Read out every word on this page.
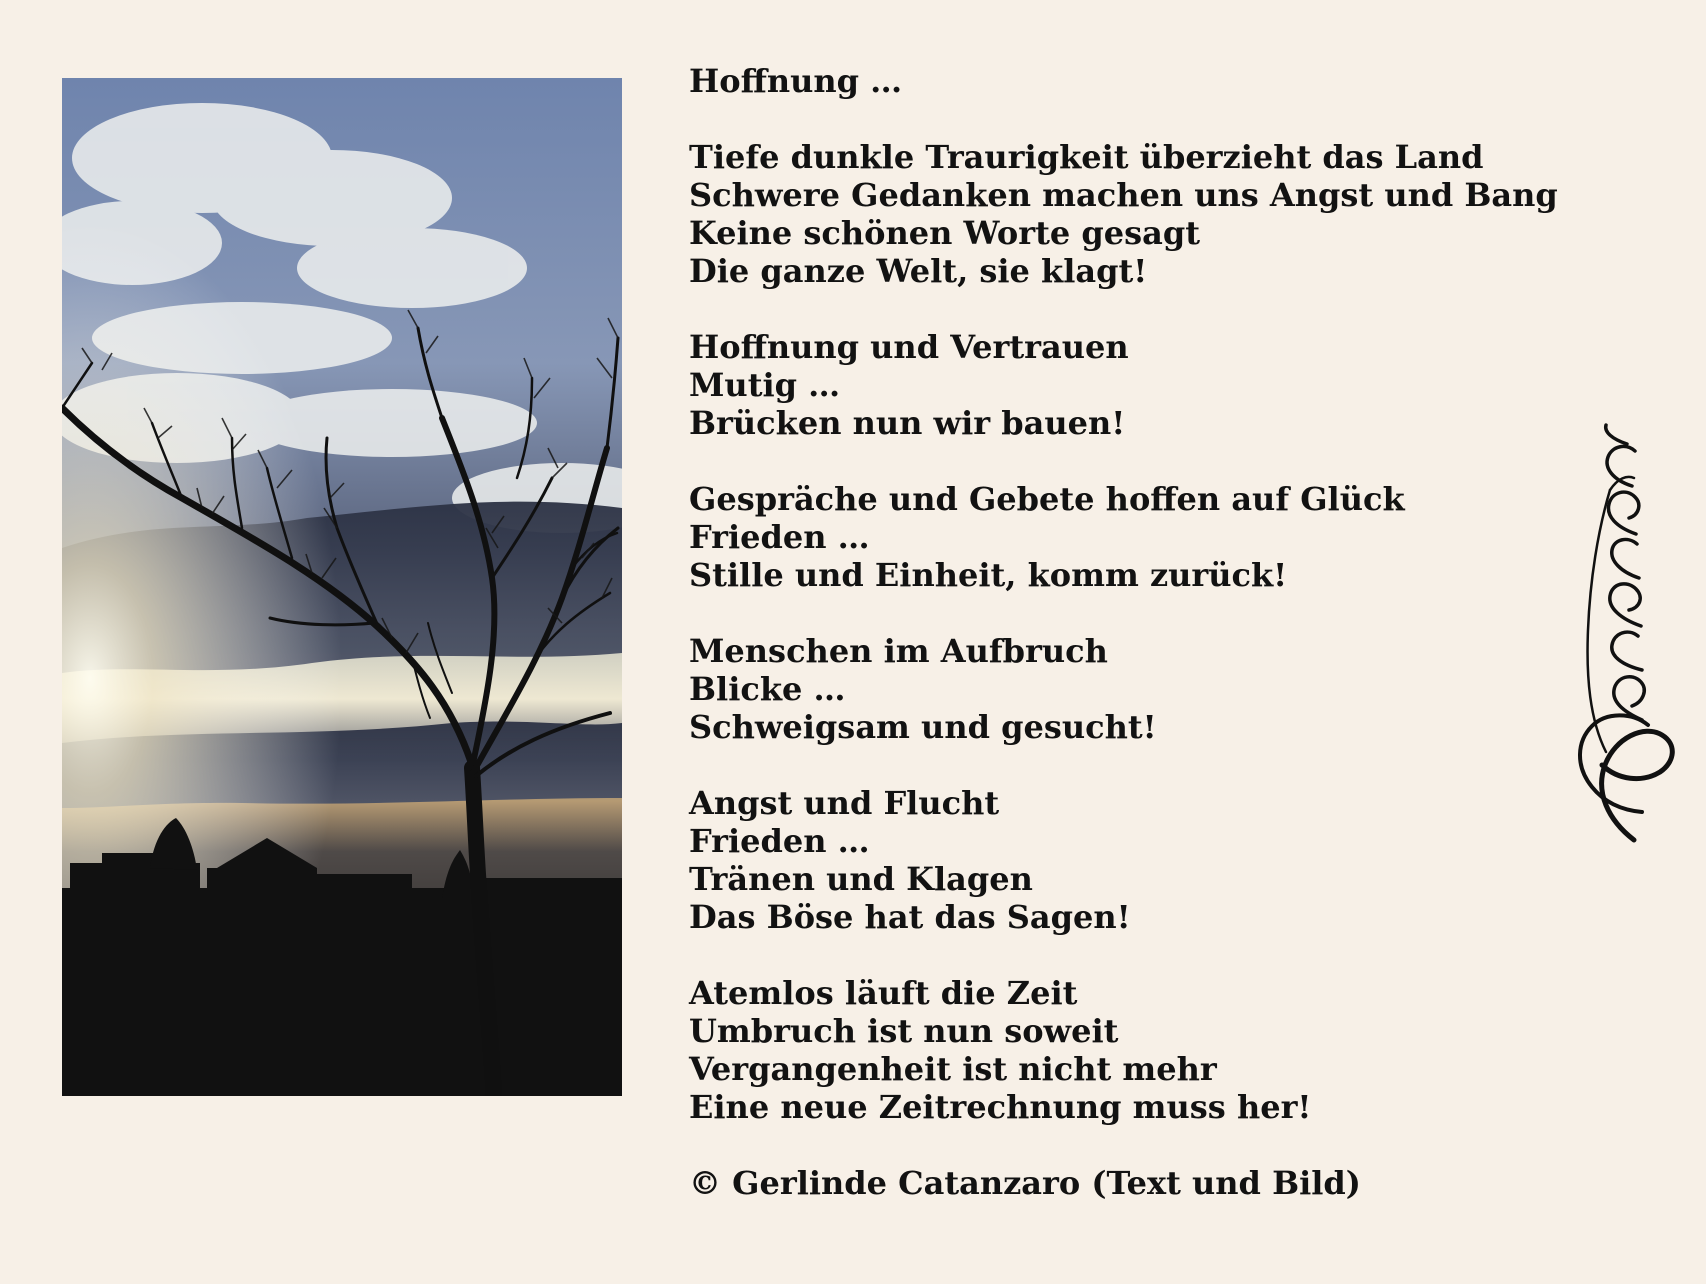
Hoffnung …
Tiefe dunkle Traurigkeit überzieht das Land
Schwere Gedanken machen uns Angst und Bang
Keine schönen Worte gesagt
Die ganze Welt, sie klagt!
Hoffnung und Vertrauen
Mutig …
Brücken nun wir bauen!
Gespräche und Gebete hoffen auf Glück
Frieden …
Stille und Einheit, komm zurück!
Menschen im Aufbruch
Blicke …
Schweigsam und gesucht!
Angst und Flucht
Frieden …
Tränen und Klagen
Das Böse hat das Sagen!
Atemlos läuft die Zeit
Umbruch ist nun soweit
Vergangenheit ist nicht mehr
Eine neue Zeitrechnung muss her!
© Gerlinde Catanzaro (Text und Bild)
